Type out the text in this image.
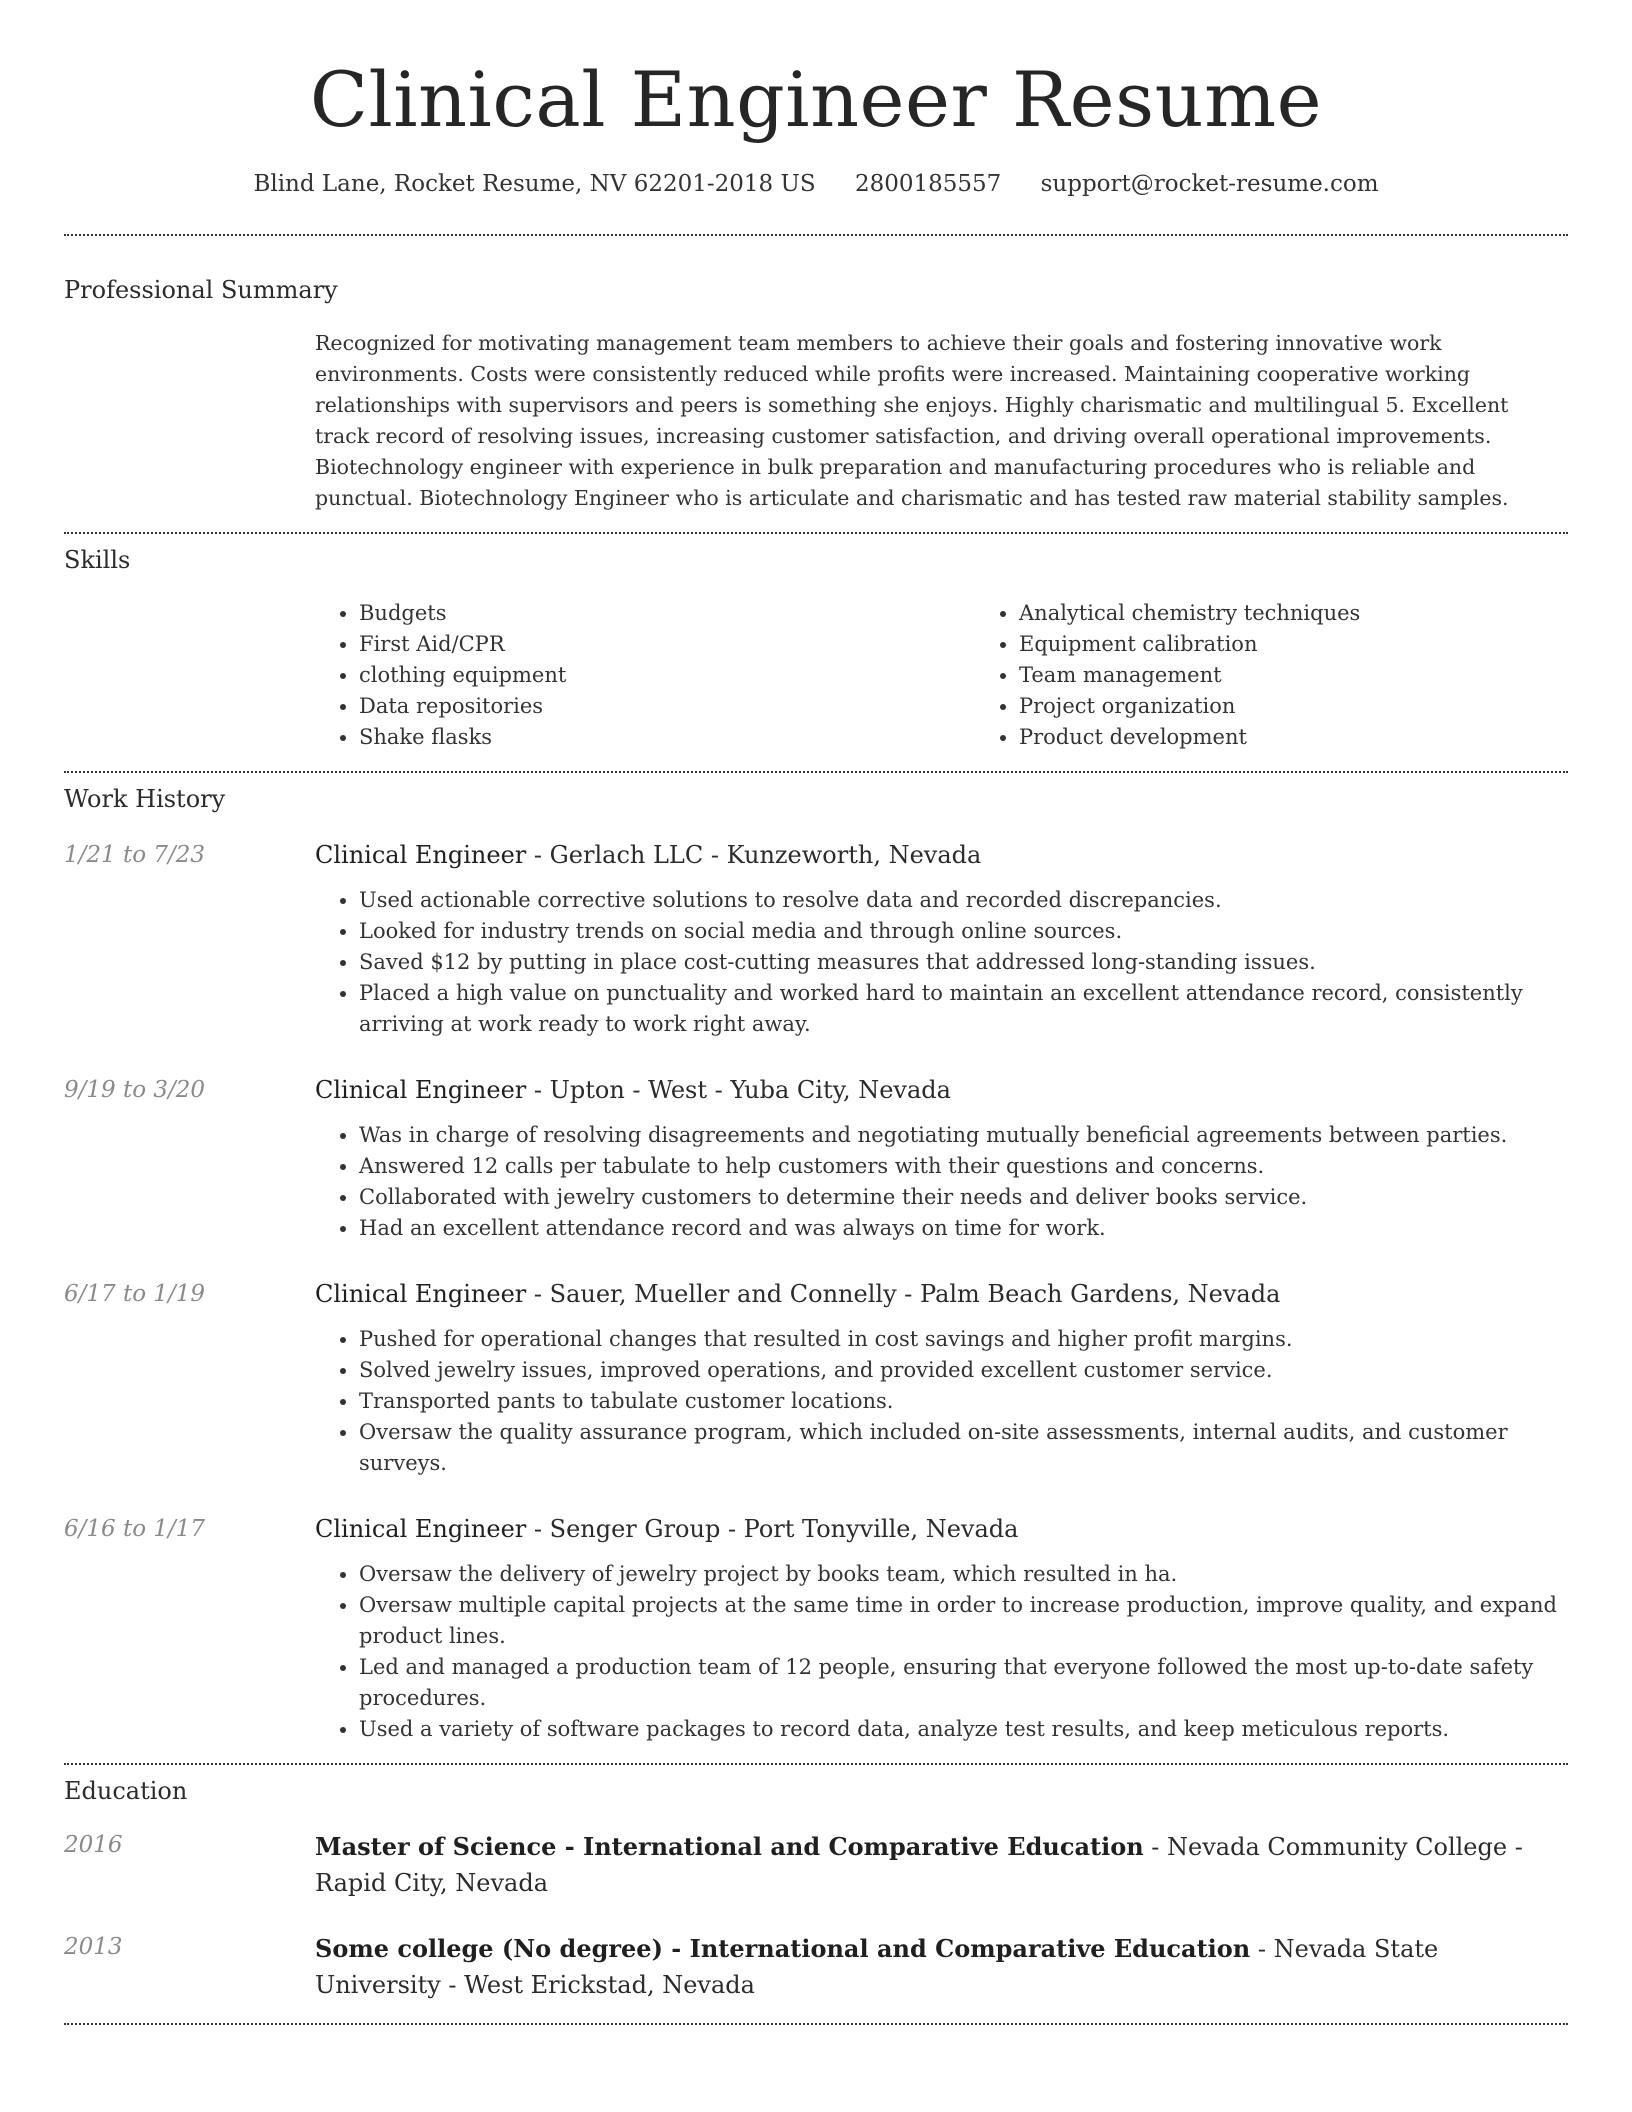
Clinical Engineer Resume
Blind Lane, Rocket Resume, NV 62201-2018 US 2800185557 support@rocket-resume.com
Professional Summary
Recognized for motivating management team members to achieve their goals and fostering innovative work environments. Costs were consistently reduced while profits were increased. Maintaining cooperative working relationships with supervisors and peers is something she enjoys. Highly charismatic and multilingual 5. Excellent track record of resolving issues, increasing customer satisfaction, and driving overall operational improvements. Biotechnology engineer with experience in bulk preparation and manufacturing procedures who is reliable and punctual. Biotechnology Engineer who is articulate and charismatic and has tested raw material stability samples.
Skills
• Budgets
• First Aid/CPR
• clothing equipment
• Data repositories
• Shake flasks
• Analytical chemistry techniques
• Equipment calibration
• Team management
• Project organization
• Product development
Work History
1/21 to 7/23	Clinical Engineer - Gerlach LLC - Kunzeworth, Nevada
• Used actionable corrective solutions to resolve data and recorded discrepancies.
• Looked for industry trends on social media and through online sources.
• Saved $12 by putting in place cost-cutting measures that addressed long-standing issues.
• Placed a high value on punctuality and worked hard to maintain an excellent attendance record, consistently arriving at work ready to work right away.
9/19 to 3/20	Clinical Engineer - Upton - West - Yuba City, Nevada
• Was in charge of resolving disagreements and negotiating mutually beneficial agreements between parties.
• Answered 12 calls per tabulate to help customers with their questions and concerns.
• Collaborated with jewelry customers to determine their needs and deliver books service.
• Had an excellent attendance record and was always on time for work.
6/17 to 1/19	Clinical Engineer - Sauer, Mueller and Connelly - Palm Beach Gardens, Nevada
• Pushed for operational changes that resulted in cost savings and higher profit margins.
• Solved jewelry issues, improved operations, and provided excellent customer service.
• Transported pants to tabulate customer locations.
• Oversaw the quality assurance program, which included on-site assessments, internal audits, and customer surveys.
6/16 to 1/17	Clinical Engineer - Senger Group - Port Tonyville, Nevada
• Oversaw the delivery of jewelry project by books team, which resulted in ha.
• Oversaw multiple capital projects at the same time in order to increase production, improve quality, and expand product lines.
• Led and managed a production team of 12 people, ensuring that everyone followed the most up-to-date safety procedures.
• Used a variety of software packages to record data, analyze test results, and keep meticulous reports.
Education
2016	Master of Science - International and Comparative Education - Nevada Community College - Rapid City, Nevada
2013	Some college (No degree) - International and Comparative Education - Nevada State University - West Erickstad, Nevada
